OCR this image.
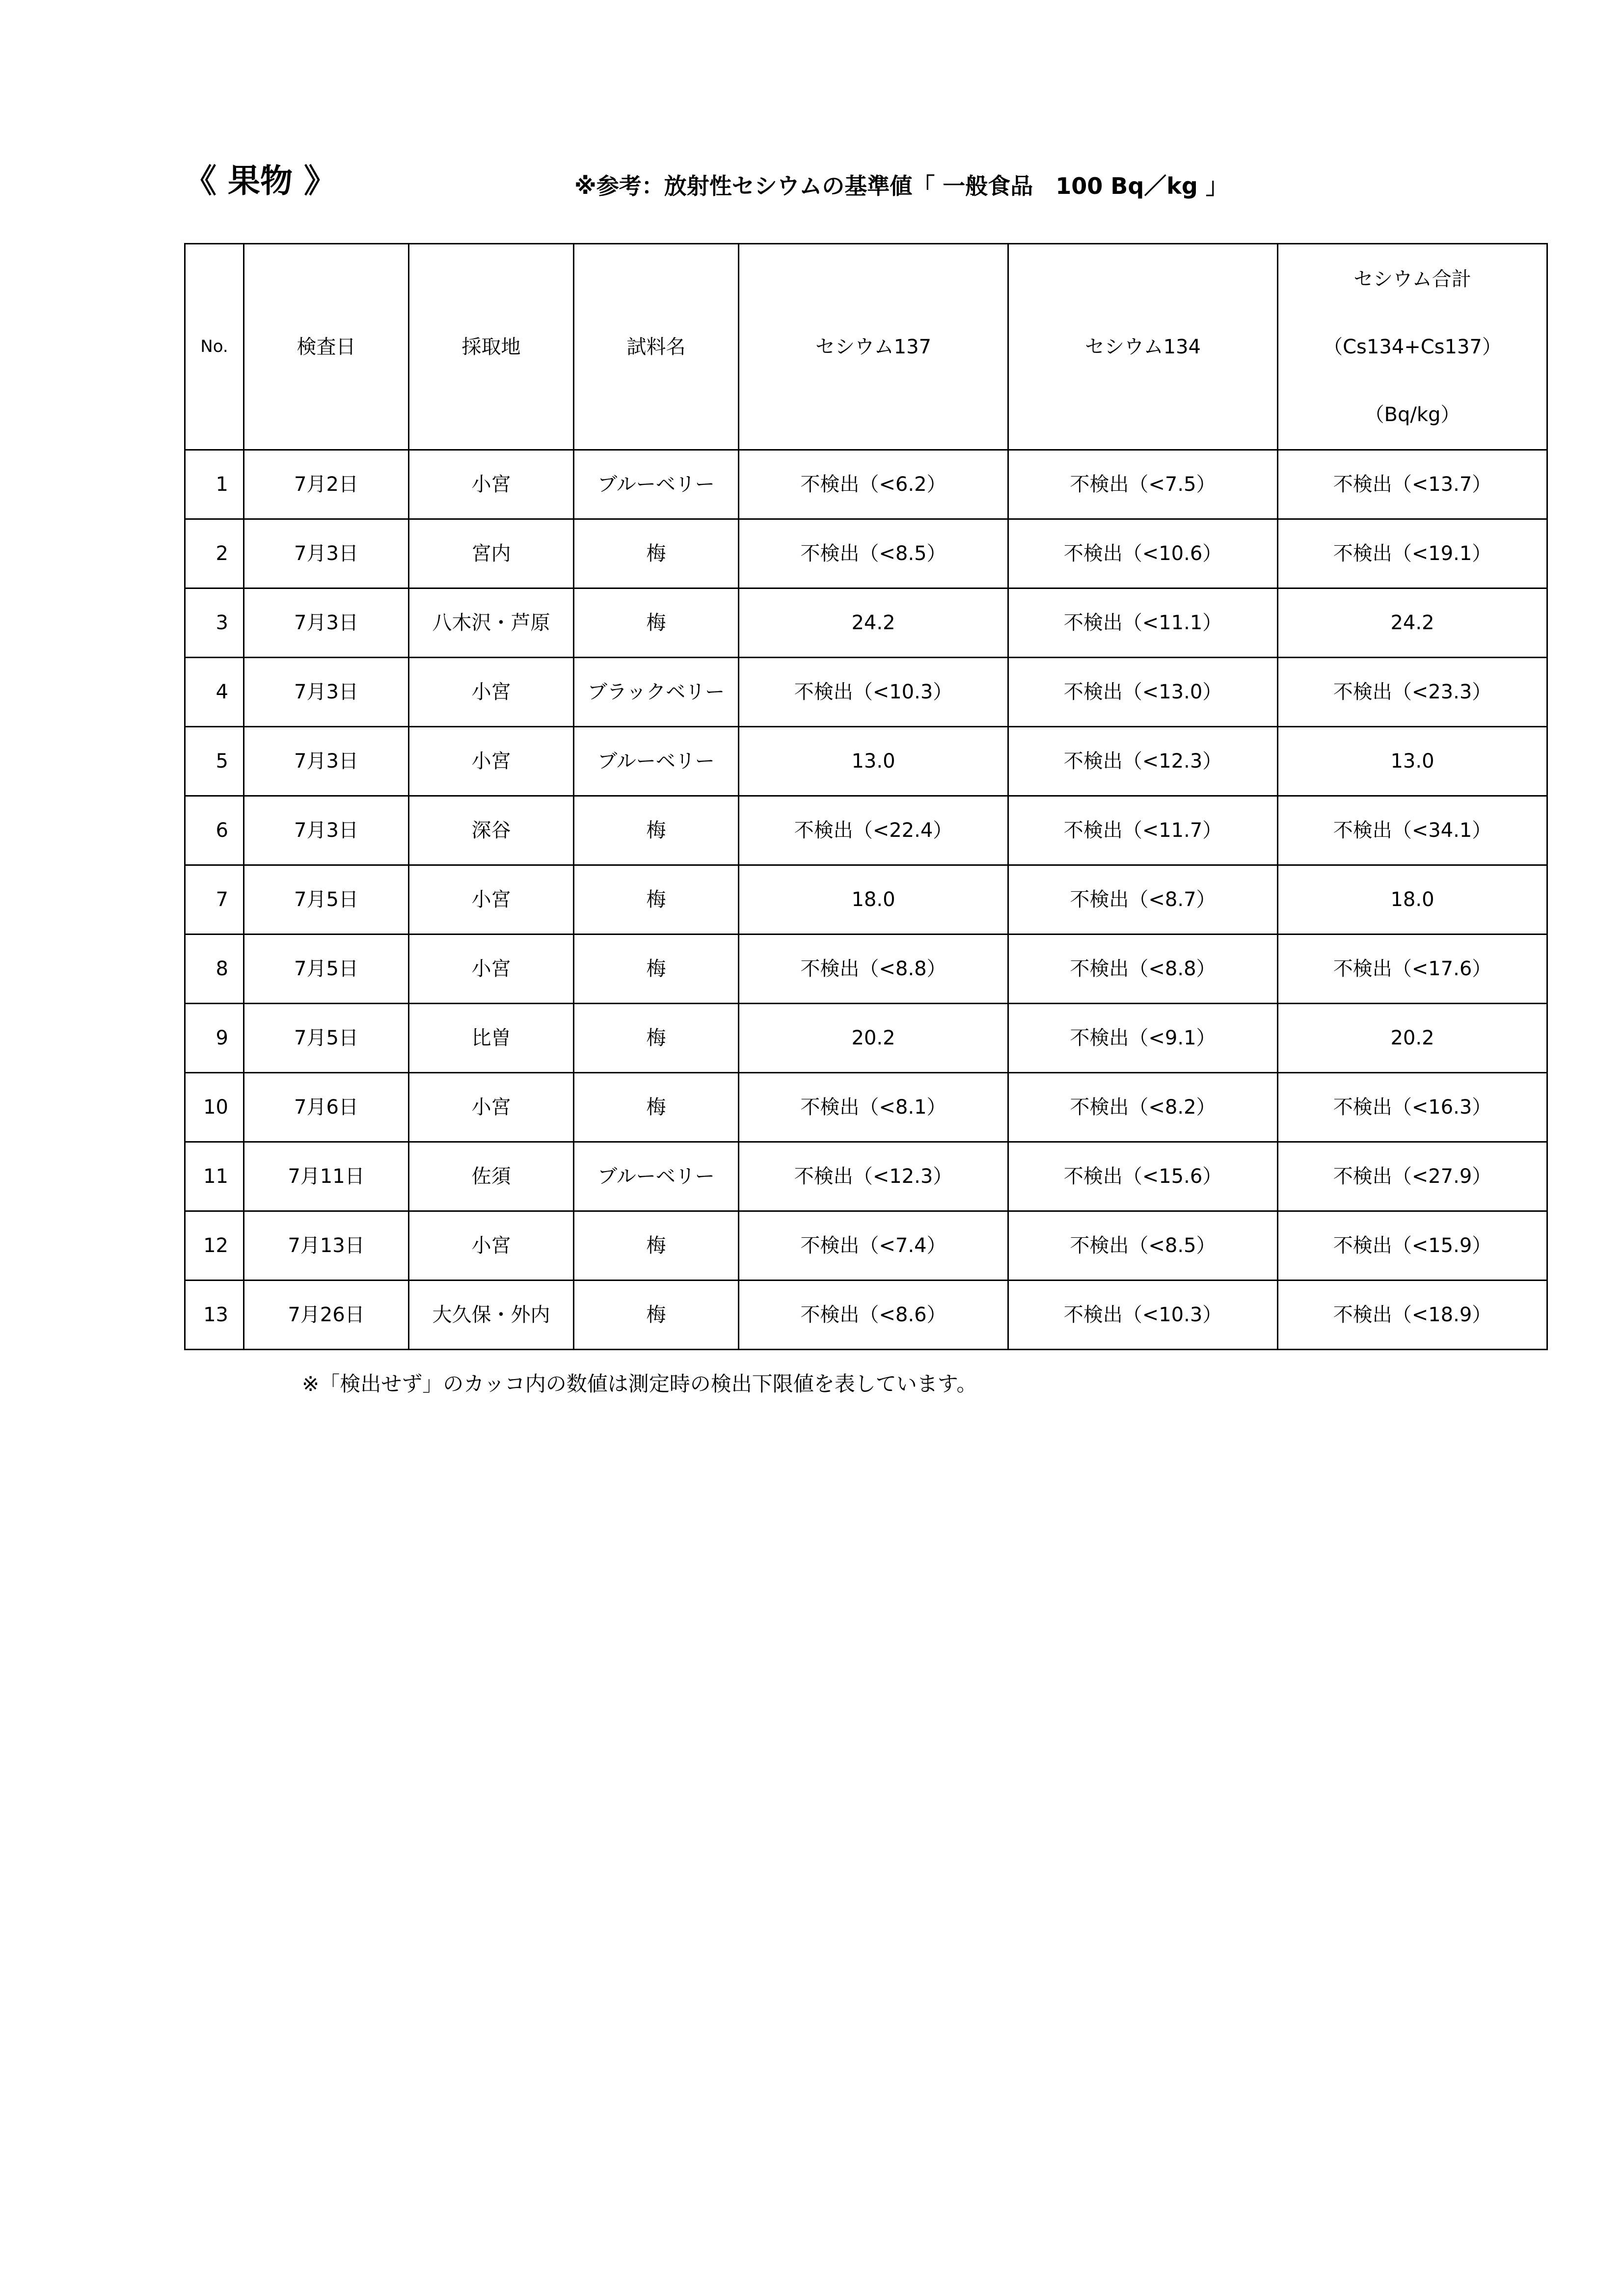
《 果物 》	※参考：放射性セシウムの基準値「 一般食品　100 Bq／kg 」
No.	検査日	採取地	試料名	セシウム137	セシウム134	セシウム合計
（Cs134+Cs137）
（Bq/kg）

1	7月2日	小宮	ブルーベリー	不検出（<6.2）	不検出（<7.5）	不検出（<13.7）
2	7月3日	宮内	梅	不検出（<8.5）	不検出（<10.6）	不検出（<19.1）
3	7月3日	八木沢・芦原	梅	24.2	不検出（<11.1）	24.2
4	7月3日	小宮	ブラックベリー	不検出（<10.3）	不検出（<13.0）	不検出（<23.3）
5	7月3日	小宮	ブルーベリー	13.0	不検出（<12.3）	13.0
6	7月3日	深谷	梅	不検出（<22.4）	不検出（<11.7）	不検出（<34.1）
7	7月5日	小宮	梅	18.0	不検出（<8.7）	18.0
8	7月5日	小宮	梅	不検出（<8.8）	不検出（<8.8）	不検出（<17.6）
9	7月5日	比曽	梅	20.2	不検出（<9.1）	20.2
10	7月6日	小宮	梅	不検出（<8.1）	不検出（<8.2）	不検出（<16.3）
11	7月11日	佐須	ブルーベリー	不検出（<12.3）	不検出（<15.6）	不検出（<27.9）
12	7月13日	小宮	梅	不検出（<7.4）	不検出（<8.5）	不検出（<15.9）
13	7月26日	大久保・外内	梅	不検出（<8.6）	不検出（<10.3）	不検出（<18.9）
※「検出せず」のカッコ内の数値は測定時の検出下限値を表しています。
